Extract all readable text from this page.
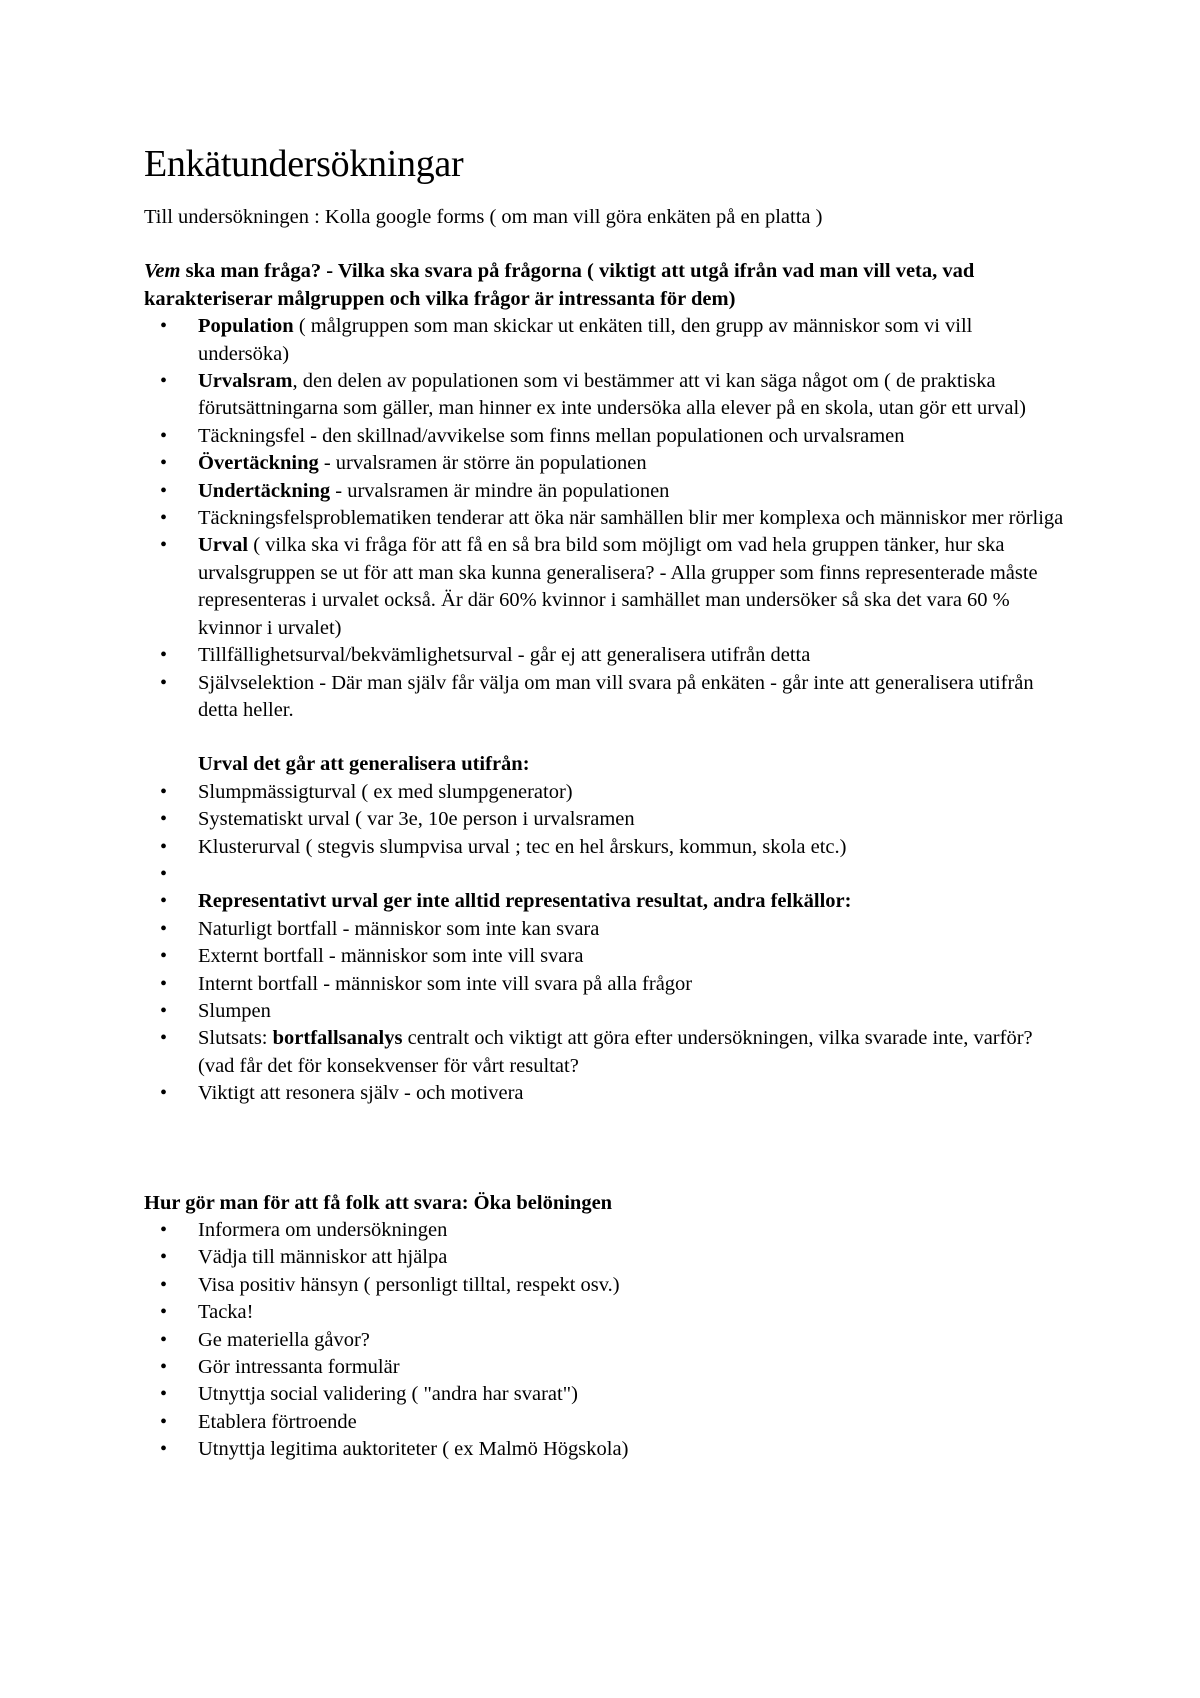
Enkätundersökningar

Till undersökningen : Kolla google forms ( om man vill göra enkäten på en platta )

Vem ska man fråga? - Vilka ska svara på frågorna ( viktigt att utgå ifrån vad man vill veta, vad karakteriserar målgruppen och vilka frågor är intressanta för dem)

• Population ( målgruppen som man skickar ut enkäten till, den grupp av människor som vi vill undersöka)
• Urvalsram, den delen av populationen som vi bestämmer att vi kan säga något om ( de praktiska förutsättningarna som gäller, man hinner ex inte undersöka alla elever på en skola, utan gör ett urval)
• Täckningsfel - den skillnad/avvikelse som finns mellan populationen och urvalsramen
• Övertäckning - urvalsramen är större än populationen
• Undertäckning - urvalsramen är mindre än populationen
• Täckningsfelsproblematiken tenderar att öka när samhällen blir mer komplexa och människor mer rörliga
• Urval ( vilka ska vi fråga för att få en så bra bild som möjligt om vad hela gruppen tänker, hur ska urvalsgruppen se ut för att man ska kunna generalisera? - Alla grupper som finns representerade måste representeras i urvalet också. Är där 60% kvinnor i samhället man undersöker så ska det vara 60 % kvinnor i urvalet)
• Tillfällighetsurval/bekvämlighetsurval - går ej att generalisera utifrån detta
• Självselektion - Där man själv får välja om man vill svara på enkäten - går inte att generalisera utifrån detta heller.

Urval det går att generalisera utifrån:

• Slumpmässigturval ( ex med slumpgenerator)
• Systematiskt urval ( var 3e, 10e person i urvalsramen
• Klusterurval ( stegvis slumpvisa urval ; tec en hel årskurs, kommun, skola etc.)
•
• Representativt urval ger inte alltid representativa resultat, andra felkällor:
• Naturligt bortfall - människor som inte kan svara
• Externt bortfall - människor som inte vill svara
• Internt bortfall - människor som inte vill svara på alla frågor
• Slumpen
• Slutsats: bortfallsanalys centralt och viktigt att göra efter undersökningen, vilka svarade inte, varför? (vad får det för konsekvenser för vårt resultat?
• Viktigt att resonera själv - och motivera

Hur gör man för att få folk att svara: Öka belöningen

• Informera om undersökningen
• Vädja till människor att hjälpa
• Visa positiv hänsyn ( personligt tilltal, respekt osv.)
• Tacka!
• Ge materiella gåvor?
• Gör intressanta formulär
• Utnyttja social validering ( "andra har svarat")
• Etablera förtroende
• Utnyttja legitima auktoriteter ( ex Malmö Högskola)
